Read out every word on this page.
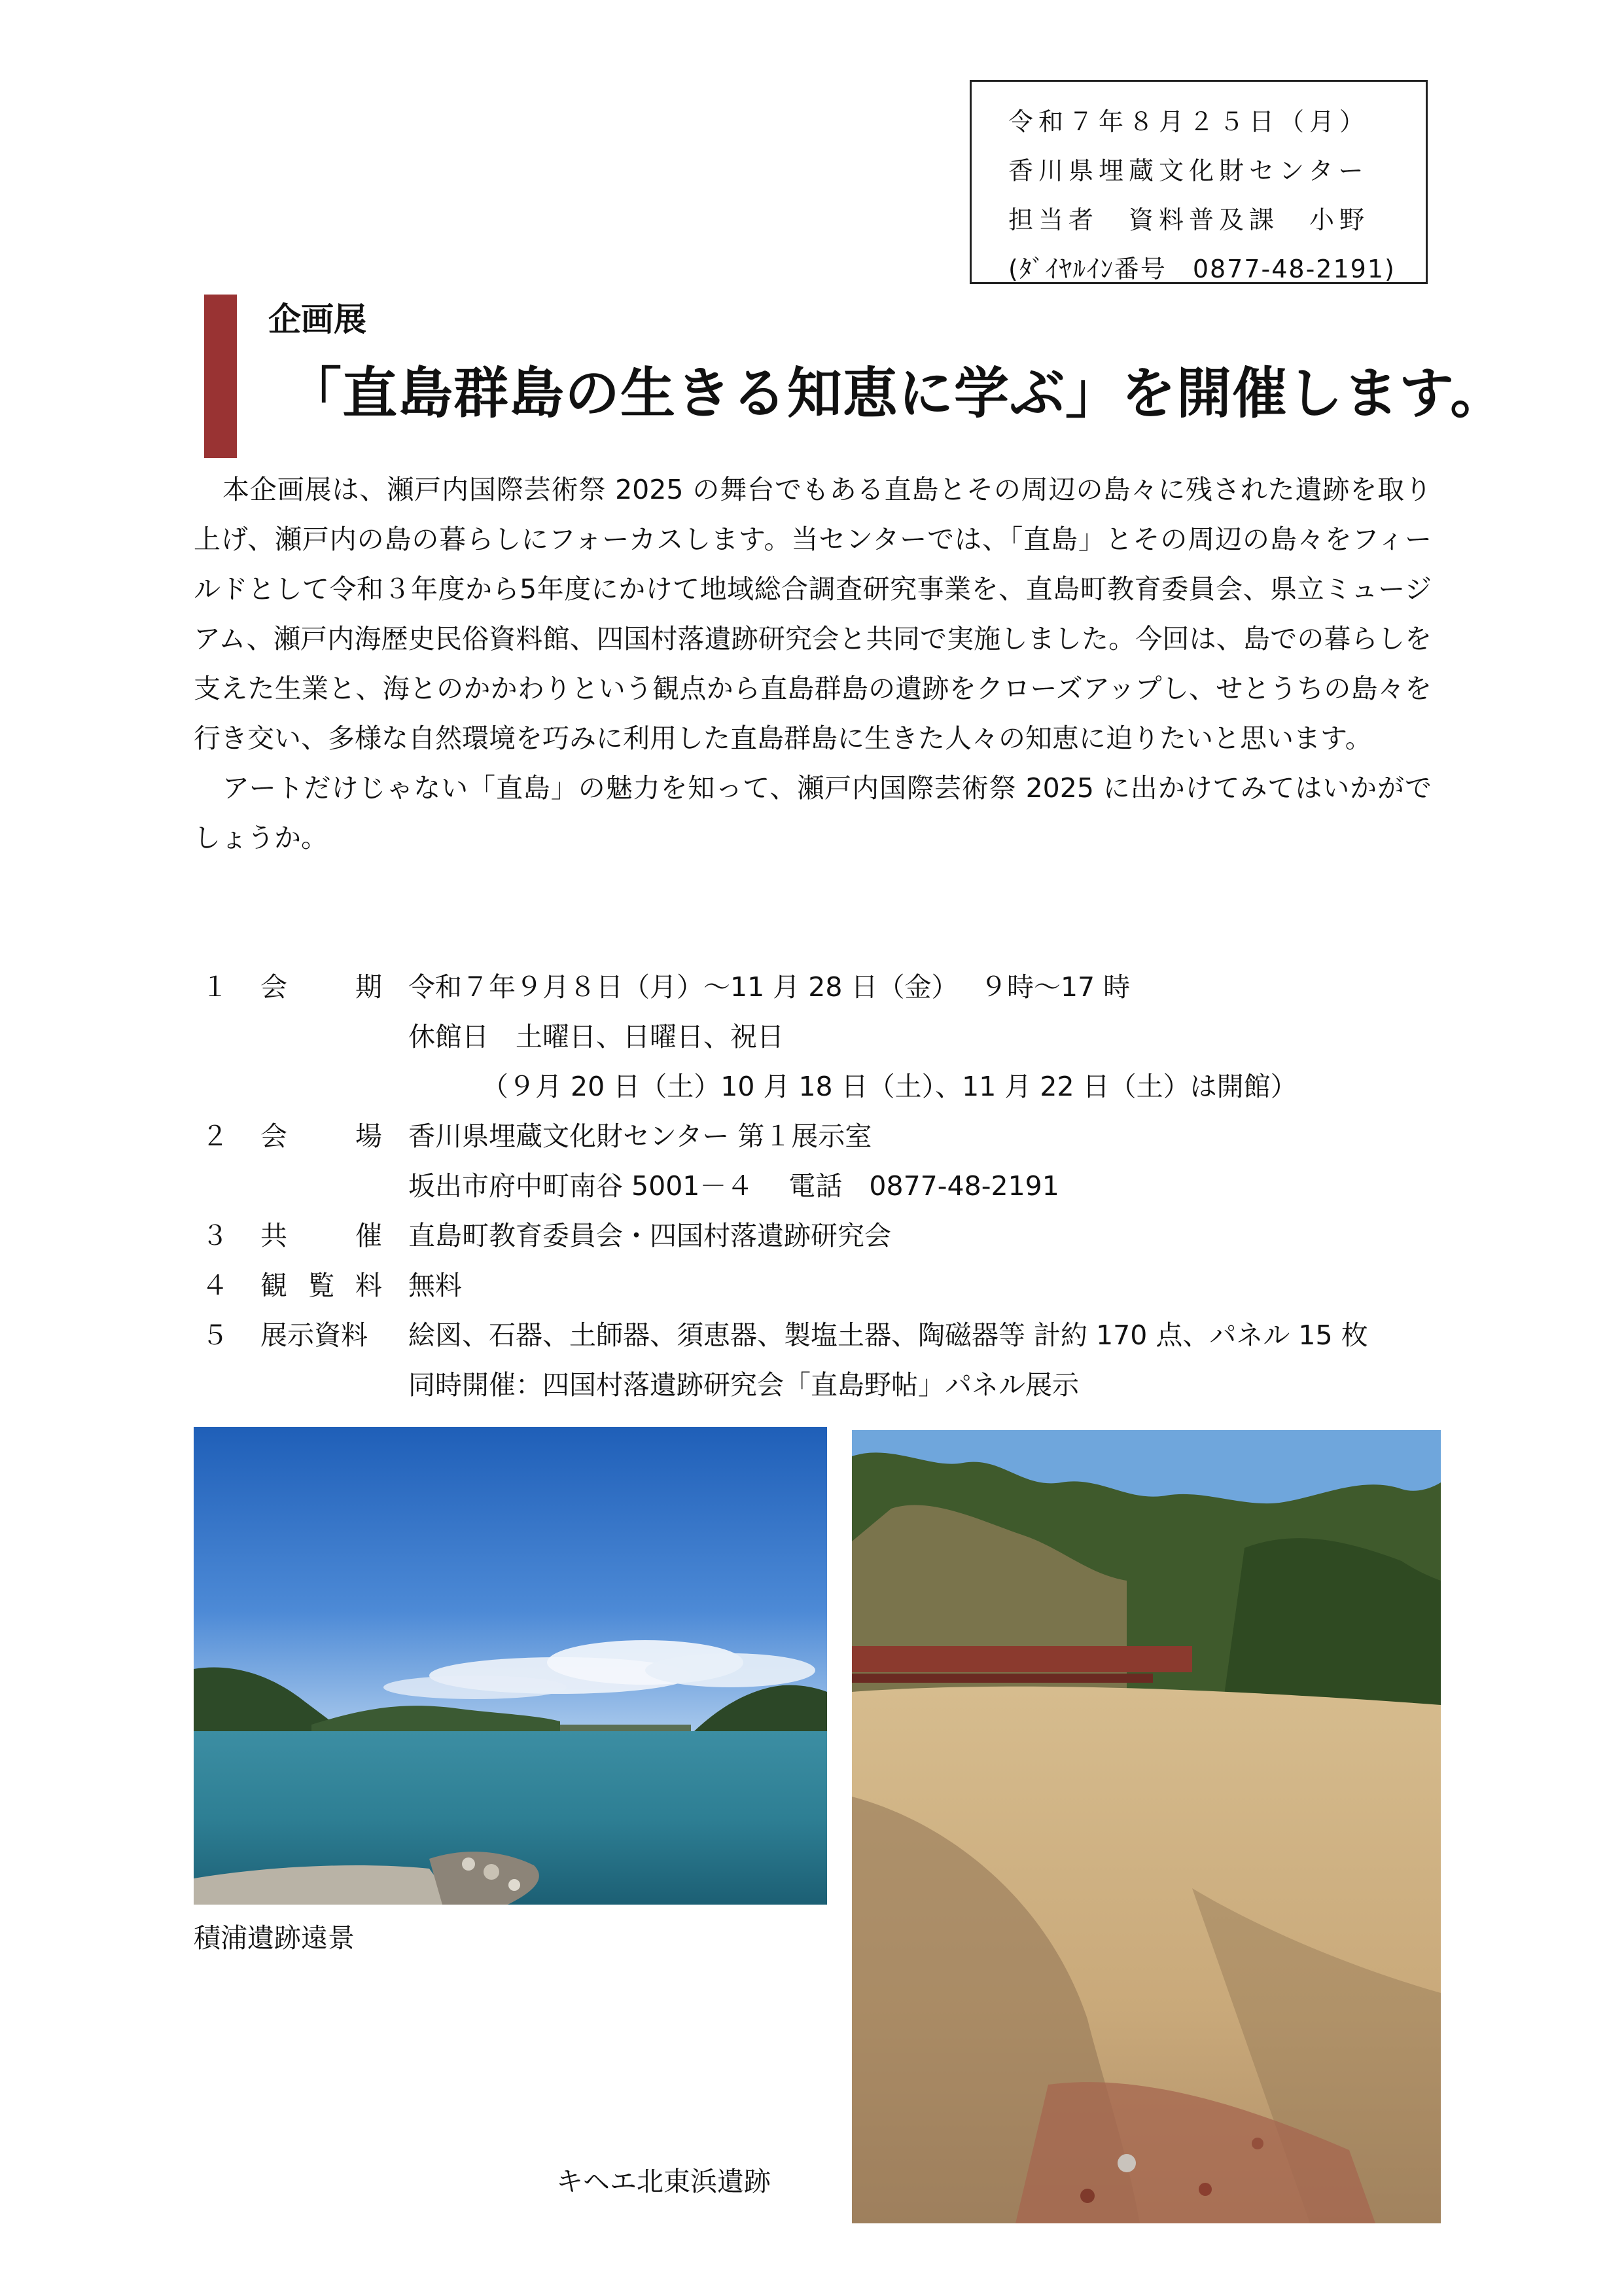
令和７年８月２５日（月）
香川県埋蔵文化財センター
担当者　資料普及課　小野
(ﾀﾞｲﾔﾙｲﾝ番号　0877-48-2191)
企画展
「直島群島の生きる知恵に学ぶ」を開催します。

本企画展は、瀬戸内国際芸術祭 2025 の舞台でもある直島とその周辺の島々に残された遺跡を取り上げ、瀬戸内の島の暮らしにフォーカスします。当センターでは、「直島」とその周辺の島々をフィールドとして令和３年度から5年度にかけて地域総合調査研究事業を、直島町教育委員会、県立ミュージアム、瀬戸内海歴史民俗資料館、四国村落遺跡研究会と共同で実施しました。今回は、島での暮らしを支えた生業と、海とのかかわりという観点から直島群島の遺跡をクローズアップし、せとうちの島々を行き交い、多様な自然環境を巧みに利用した直島群島に生きた人々の知恵に迫りたいと思います。

アートだけじゃない「直島」の魅力を知って、瀬戸内国際芸術祭 2025 に出かけてみてはいかがでしょうか。

１	会	期 令和７年９月８日（月）～11 月 28 日（金）　 ９時～17 時
休館日　土曜日、日曜日、祝日
（９月 20 日（土）10 月 18 日（土）、11 月 22 日（土）は開館）
２	会	場 香川県埋蔵文化財センター 第１展示室
坂出市府中町南谷 5001－４　 電話　0877-48-2191
３	共	催 直島町教育委員会・四国村落遺跡研究会
４	観 覧 料 無料
５	展示資料	絵図、石器、土師器、須恵器、製塩土器、陶磁器等 計約 170 点、パネル 15 枚
同時開催：四国村落遺跡研究会「直島野帖」パネル展示
積浦遺跡遠景
キヘエ北東浜遺跡
